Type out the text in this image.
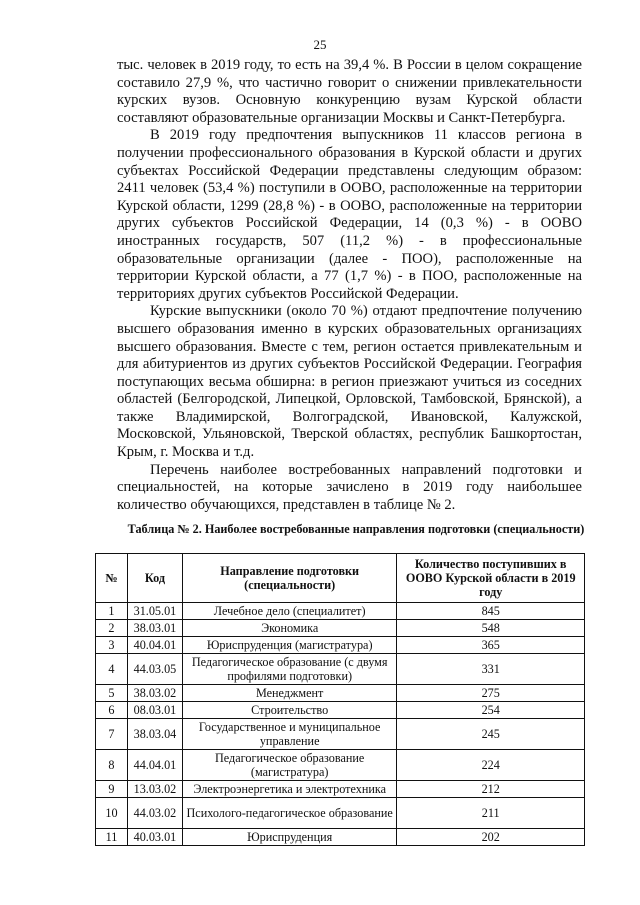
25

тыс. человек в 2019 году, то есть на 39,4 %. В России в целом сокращение составило 27,9 %, что частично говорит о снижении привлекательности курских вузов. Основную конкуренцию вузам Курской области составляют образовательные организации Москвы и Санкт-Петербурга.

В 2019 году предпочтения выпускников 11 классов региона в получении профессионального образования в Курской области и других субъектах Российской Федерации представлены следующим образом: 2411 человек (53,4 %) поступили в ООВО, расположенные на территории Курской области, 1299 (28,8 %) - в ООВО, расположенные на территории других субъектов Российской Федерации, 14 (0,3 %) - в ООВО иностранных государств, 507 (11,2 %) - в профессиональные образовательные организации (далее - ПОО), расположенные на территории Курской области, а 77 (1,7 %) - в ПОО, расположенные на территориях других субъектов Российской Федерации.

Курские выпускники (около 70 %) отдают предпочтение получению высшего образования именно в курских образовательных организациях высшего образования. Вместе с тем, регион остается привлекательным и для абитуриентов из других субъектов Российской Федерации. География поступающих весьма обширна: в регион приезжают учиться из соседних областей (Белгородской, Липецкой, Орловской, Тамбовской, Брянской), а также Владимирской, Волгоградской, Ивановской, Калужской, Московской, Ульяновской, Тверской областях, республик Башкортостан, Крым, г. Москва и т.д.

Перечень наиболее востребованных направлений подготовки и специальностей, на которые зачислено в 2019 году наибольшее количество обучающихся, представлен в таблице № 2.

Таблица № 2. Наиболее востребованные направления подготовки (специальности)
№	Код	Направление подготовки (специальности)	Количество поступивших в ООВО Курской области в 2019 году
1	31.05.01	Лечебное дело (специалитет)	845
2	38.03.01	Экономика	548
3	40.04.01	Юриспруденция (магистратура)	365
4	44.03.05	Педагогическое образование (с двумя профилями подготовки)	331
5	38.03.02	Менеджмент	275
6	08.03.01	Строительство	254
7	38.03.04	Государственное и муниципальное управление	245
8	44.04.01	Педагогическое образование (магистратура)	224
9	13.03.02	Электроэнергетика и электротехника	212
10	44.03.02	Психолого-педагогическое образование	211
11	40.03.01	Юриспруденция	202
